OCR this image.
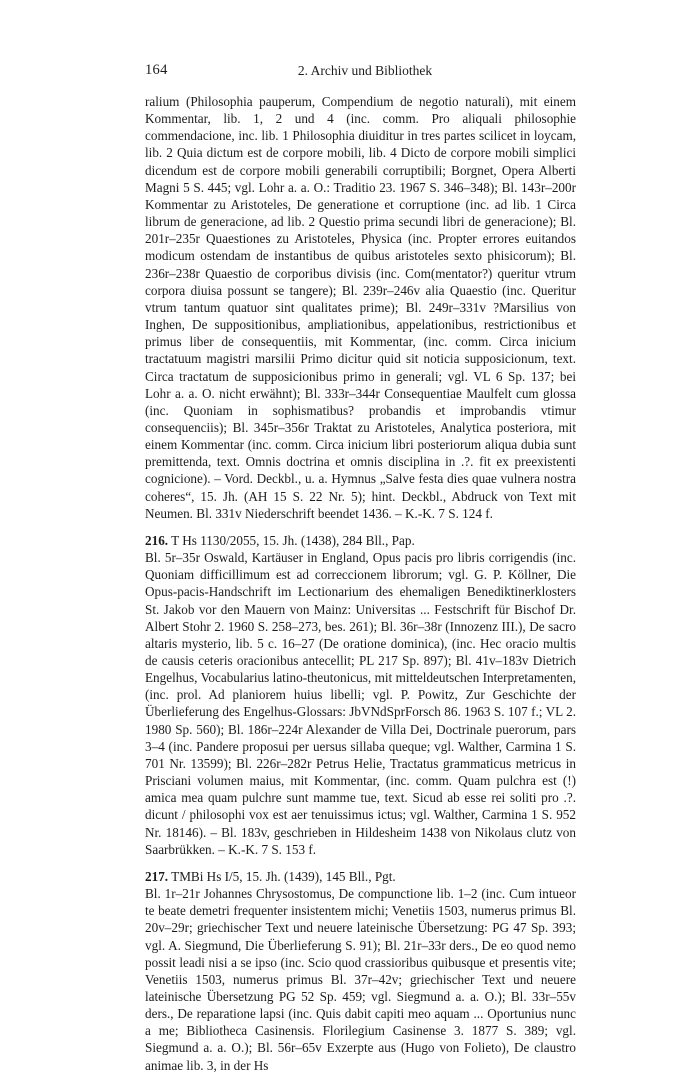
164	2. Archiv und Bibliothek

ralium (Philosophia pauperum, Compendium de negotio naturali), mit einem Kommentar, lib. 1, 2 und 4 (inc. comm. Pro aliquali philosophie commendacione, inc. lib. 1 Philosophia diuiditur in tres partes scilicet in loycam, lib. 2 Quia dictum est de corpore mobili, lib. 4 Dicto de corpore mobili simplici dicendum est de corpore mobili generabili corruptibili; Borgnet, Opera Alberti Magni 5 S. 445; vgl. Lohr a. a. O.: Traditio 23. 1967 S. 346–348); Bl. 143r–200r Kommentar zu Aristoteles, De generatione et corruptione (inc. ad lib. 1 Circa librum de generacione, ad lib. 2 Questio prima secundi libri de generacione); Bl. 201r–235r Quaestiones zu Aristoteles, Physica (inc. Propter errores euitandos modicum ostendam de instantibus de quibus aristoteles sexto phisicorum); Bl. 236r–238r Quaestio de corporibus divisis (inc. Com(mentator?) queritur vtrum corpora diuisa possunt se tangere); Bl. 239r–246v alia Quaestio (inc. Queritur vtrum tantum quatuor sint qualitates prime); Bl. 249r–331v ?Marsilius von Inghen, De suppositionibus, ampliationibus, appelationibus, restrictionibus et primus liber de consequentiis, mit Kommentar, (inc. comm. Circa inicium tractatuum magistri marsilii Primo dicitur quid sit noticia supposicionum, text. Circa tractatum de supposicionibus primo in generali; vgl. VL 6 Sp. 137; bei Lohr a. a. O. nicht erwähnt); Bl. 333r–344r Consequentiae Maulfelt cum glossa (inc. Quoniam in sophismatibus? probandis et improbandis vtimur consequenciis); Bl. 345r–356r Traktat zu Aristoteles, Analytica posteriora, mit einem Kommentar (inc. comm. Circa inicium libri posteriorum aliqua dubia sunt premittenda, text. Omnis doctrina et omnis disciplina in .?. fit ex preexistenti cognicione). – Vord. Deckbl., u. a. Hymnus „Salve festa dies quae vulnera nostra coheres“, 15. Jh. (AH 15 S. 22 Nr. 5); hint. Deckbl., Abdruck von Text mit Neumen. Bl. 331v Niederschrift beendet 1436. – K.-K. 7 S. 124 f.

216. T Hs 1130/2055, 15. Jh. (1438), 284 Bll., Pap.

Bl. 5r–35r Oswald, Kartäuser in England, Opus pacis pro libris corrigendis (inc. Quoniam difficillimum est ad correccionem librorum; vgl. G. P. Köllner, Die Opus-pacis-Handschrift im Lectionarium des ehemaligen Benediktinerklosters St. Jakob vor den Mauern von Mainz: Universitas ... Festschrift für Bischof Dr. Albert Stohr 2. 1960 S. 258–273, bes. 261); Bl. 36r–38r (Innozenz III.), De sacro altaris mysterio, lib. 5 c. 16–27 (De oratione dominica), (inc. Hec oracio multis de causis ceteris oracionibus antecellit; PL 217 Sp. 897); Bl. 41v–183v Dietrich Engelhus, Vocabularius latino-theutonicus, mit mitteldeutschen Interpretamenten, (inc. prol. Ad planiorem huius libelli; vgl. P. Powitz, Zur Geschichte der Überlieferung des Engelhus-Glossars: JbVNdSprForsch 86. 1963 S. 107 f.; VL 2. 1980 Sp. 560); Bl. 186r–224r Alexander de Villa Dei, Doctrinale puerorum, pars 3–4 (inc. Pandere proposui per uersus sillaba queque; vgl. Walther, Carmina 1 S. 701 Nr. 13599); Bl. 226r–282r Petrus Helie, Tractatus grammaticus metricus in Prisciani volumen maius, mit Kommentar, (inc. comm. Quam pulchra est (!) amica mea quam pulchre sunt mamme tue, text. Sicud ab esse rei soliti pro .?. dicunt / philosophi vox est aer tenuissimus ictus; vgl. Walther, Carmina 1 S. 952 Nr. 18146). – Bl. 183v, geschrieben in Hildesheim 1438 von Nikolaus clutz von Saarbrükken. – K.-K. 7 S. 153 f.

217. TMBi Hs I/5, 15. Jh. (1439), 145 Bll., Pgt.

Bl. 1r–21r Johannes Chrysostomus, De compunctione lib. 1–2 (inc. Cum intueor te beate demetri frequenter insistentem michi; Venetiis 1503, numerus primus Bl. 20v–29r; griechischer Text und neuere lateinische Übersetzung: PG 47 Sp. 393; vgl. A. Siegmund, Die Überlieferung S. 91); Bl. 21r–33r ders., De eo quod nemo possit leadi nisi a se ipso (inc. Scio quod crassioribus quibusque et presentis vite; Venetiis 1503, numerus primus Bl. 37r–42v; griechischer Text und neuere lateinische Übersetzung PG 52 Sp. 459; vgl. Siegmund a. a. O.); Bl. 33r–55v ders., De reparatione lapsi (inc. Quis dabit capiti meo aquam ... Oportunius nunc a me; Bibliotheca Casinensis. Florilegium Casinense 3. 1877 S. 389; vgl. Siegmund a. a. O.); Bl. 56r–65v Exzerpte aus (Hugo von Folieto), De claustro animae lib. 3, in der Hs
